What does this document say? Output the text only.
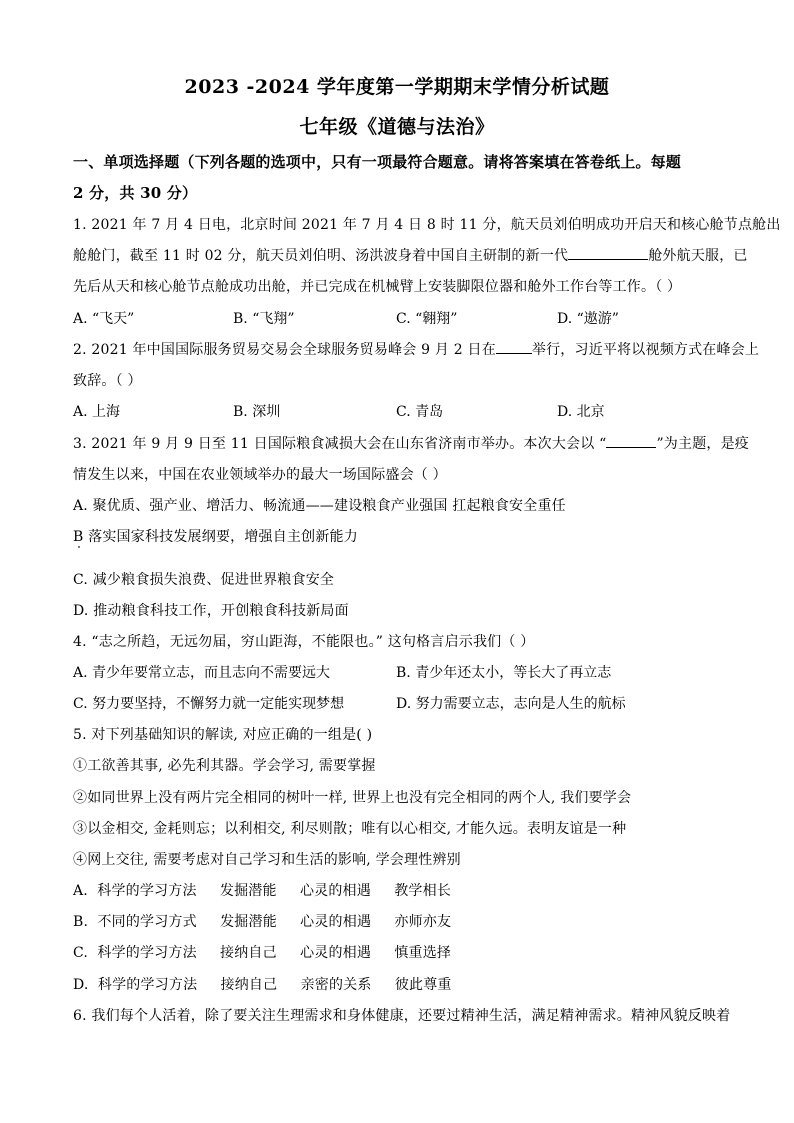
2023 -2024 学年度第一学期期末学情分析试题
七年级《道德与法治》
一、单项选择题（下列各题的选项中，只有一项最符合题意。请将答案填在答卷纸上。每题
2 分，共 30 分）
1. 2021 年 7 月 4 日电，北京时间 2021 年 7 月 4 日 8 时 11 分，航天员刘伯明成功开启天和核心舱节点舱出
舱舱门，截至 11 时 02 分，航天员刘伯明、汤洪波身着中国自主研制的新一代	舱外航天服，已
先后从天和核心舱节点舱成功出舱，并已完成在机械臂上安装脚限位器和舱外工作台等工作。（ ）
A. “飞天”	B. “飞翔”	C. “翱翔”	D. “遨游”
2. 2021 年中国国际服务贸易交易会全球服务贸易峰会 9 月 2 日在	举行，习近平将以视频方式在峰会上
致辞。（ ）
A. 上海	B. 深圳	C. 青岛	D. 北京
3. 2021 年 9 月 9 日至 11 日国际粮食减损大会在山东省济南市举办。本次大会以 “	”为主题，是疫
情发生以来，中国在农业领域举办的最大一场国际盛会（ ）
A. 聚优质、强产业、增活力、畅流通——建设粮食产业强国 扛起粮食安全重任
B 落实国家科技发展纲要，增强自主创新能力
C. 减少粮食损失浪费、促进世界粮食安全
D. 推动粮食科技工作，开创粮食科技新局面
4. “志之所趋，无远勿届，穷山距海，不能限也。” 这句格言启示我们（ ）
A. 青少年要常立志，而且志向不需要远大	B. 青少年还太小，等长大了再立志
C. 努力要坚持，不懈努力就一定能实现梦想	D. 努力需要立志，志向是人生的航标
5. 对下列基础知识的解读, 对应正确的一组是( )
①工欲善其事, 必先利其器。学会学习, 需要掌握
②如同世界上没有两片完全相同的树叶一样, 世界上也没有完全相同的两个人, 我们要学会
③以金相交, 金耗则忘；以利相交, 利尽则散；唯有以心相交, 才能久远。表明友谊是一种
④网上交往, 需要考虑对自己学习和生活的影响, 学会理性辨别
A.  科学的学习方法     发掘潜能     心灵的相遇     教学相长
B.  不同的学习方式     发掘潜能     心灵的相遇     亦师亦友
C.  科学的学习方法     接纳自己     心灵的相遇     慎重选择
D.  科学的学习方法     接纳自己     亲密的关系     彼此尊重
6. 我们每个人活着，除了要关注生理需求和身体健康，还要过精神生活，满足精神需求。精神风貌反映着
